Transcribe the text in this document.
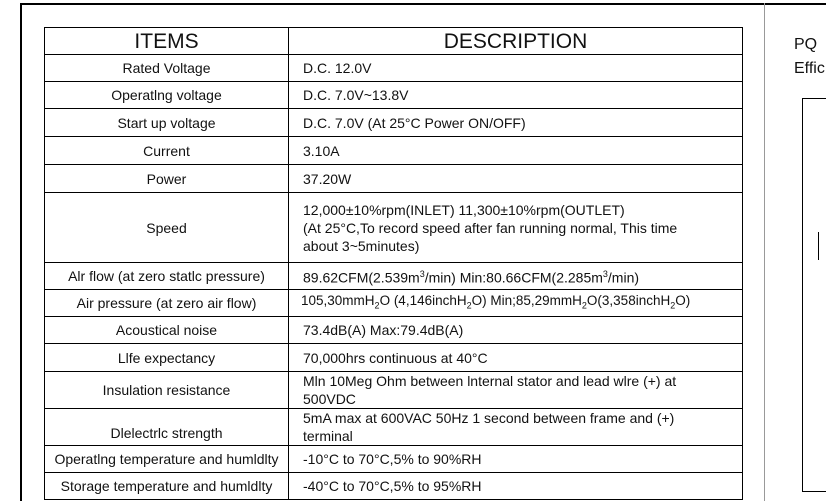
ITEMS	DESCRIPTION
Rated Voltage	D.C. 12.0V
Operatlng voltage	D.C. 7.0V~13.8V
Start up voltage	D.C. 7.0V (At 25°C Power ON/OFF)
Current	3.10A
Power	37.20W
Speed	12,000±10%rpm(INLET) 11,300±10%rpm(OUTLET)
(At 25°C,To record speed after fan running normal, This time
about 3~5minutes)

Alr flow (at zero statlc pressure)	$89.62CFM(2.539m^3/\min)$ $Min:80.66CFM(2.285m^3/\min)$
Air pressure (at zero air flow)	105,30mmH$_2$O (4,146inchH$_2$O) Min;85,29mmH$_2$O(3,358inchH$_2$O)
Acoustical noise	73.4dB(A) Max:79.4dB(A)
Llfe expectancy	70,000hrs continuous at 40°C
Insulation resistance	Mln 10Meg Ohm between lnternal stator and lead wlre (+) at
500VDC

Dlelectrlc strength	5mA max at 600VAC 50Hz 1 second between frame and (+)
terminal

Operatlng temperature and humldlty	-10°C to 70°C,5% to 90%RH
Storage temperature and humldlty	-40°C to 70°C,5% to 95%RH
PQ
Effic
